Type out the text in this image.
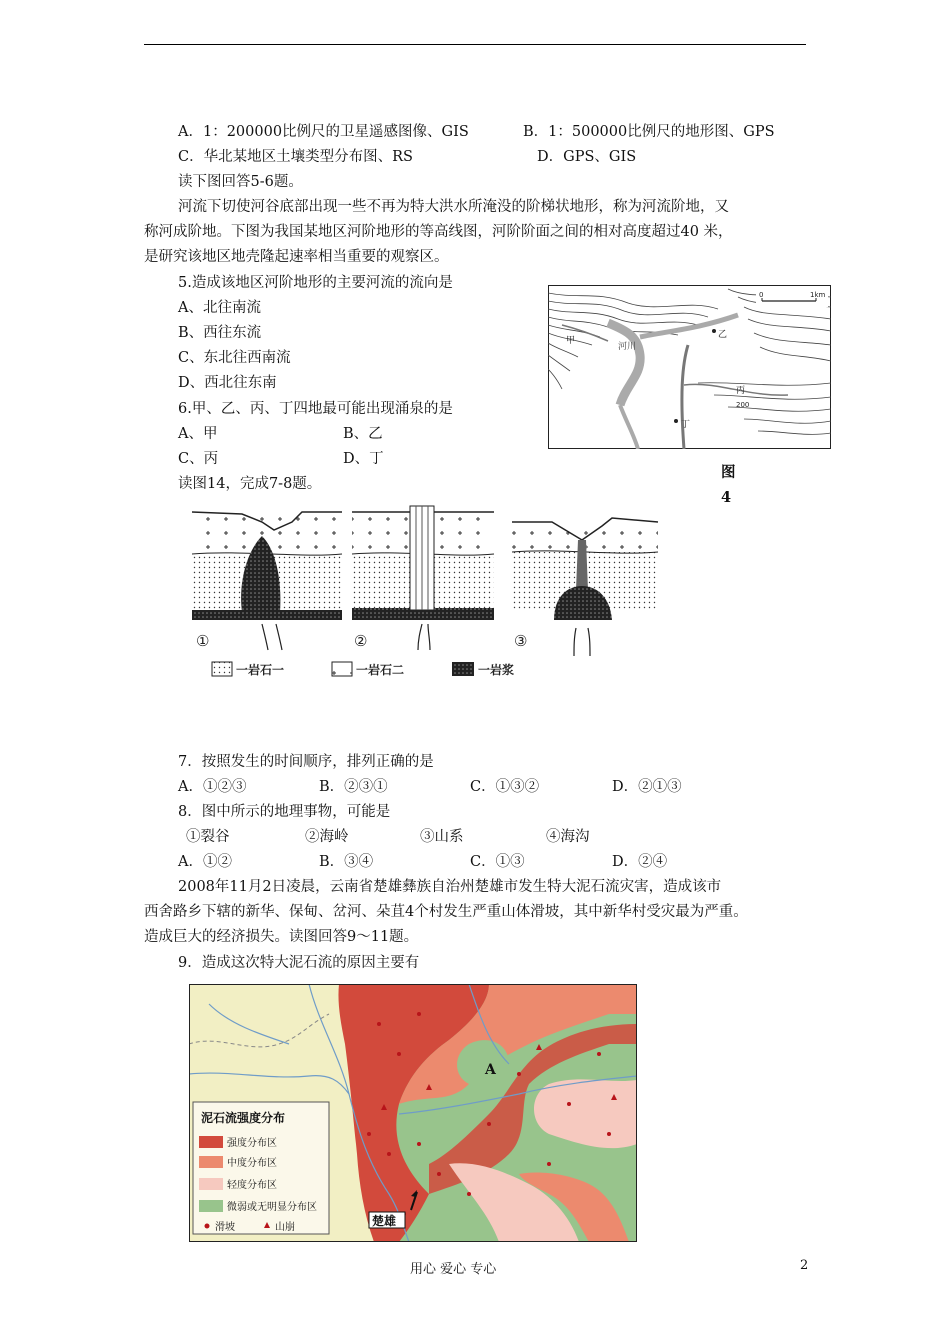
A．1：200000比例尺的卫星遥感图像、GIS	B．1：500000比例尺的地形图、GPS
C．华北某地区土壤类型分布图、RS	D．GPS、GIS
读下图回答5-6题。
河流下切使河谷底部出现一些不再为特大洪水所淹没的阶梯状地形，称为河流阶地，又
称河成阶地。下图为我国某地区河阶地形的等高线图，河阶阶面之间的相对高度超过40 米，
是研究该地区地壳隆起速率相当重要的观察区。
5.造成该地区河阶地形的主要河流的流向是
A、北往南流
B、西往东流
C、东北往西南流
D、西北往东南
6.甲、乙、丙、丁四地最可能出现涌泉的是
A、甲	B、乙
C、丙	D、丁
读图14，完成7-8题。
河川
甲
乙
丙
200
丁
0	1km
图
4
①	②	③
一岩石一	一岩石二	一岩浆
7．按照发生的时间顺序，排列正确的是
A．①②③	B．②③①	C．①③②	D．②①③
8．图中所示的地理事物，可能是
①裂谷	②海岭	③山系	④海沟
A．①②	B．③④	C．①③	D．②④
2008年11月2日凌晨，云南省楚雄彝族自治州楚雄市发生特大泥石流灾害，造成该市
西舍路乡下辖的新华、保甸、岔河、朵苴4个村发生严重山体滑坡，其中新华村受灾最为严重。
造成巨大的经济损失。读图回答9～11题。
9．造成这次特大泥石流的原因主要有
A
楚雄
泥石流强度分布
强度分布区
中度分布区
轻度分布区
微弱或无明显分布区
滑坡	山崩
用心 爱心 专心	2
